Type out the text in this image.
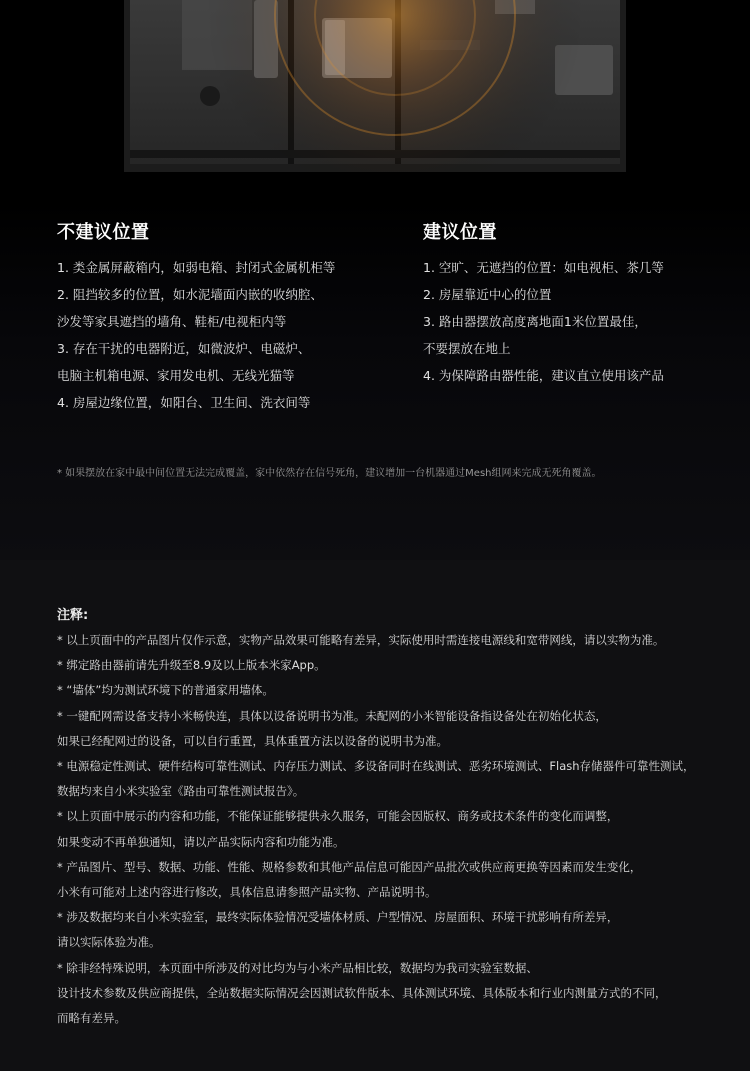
不建议位置
1. 类金属屏蔽箱内，如弱电箱、封闭式金属机柜等
2. 阻挡较多的位置，如水泥墙面内嵌的收纳腔、
沙发等家具遮挡的墙角、鞋柜/电视柜内等
3. 存在干扰的电器附近，如微波炉、电磁炉、
电脑主机箱电源、家用发电机、无线光猫等
4. 房屋边缘位置，如阳台、卫生间、洗衣间等
建议位置
1. 空旷、无遮挡的位置：如电视柜、茶几等
2. 房屋靠近中心的位置
3. 路由器摆放高度离地面1米位置最佳，
不要摆放在地上
4. 为保障路由器性能，建议直立使用该产品
* 如果摆放在家中最中间位置无法完成覆盖，家中依然存在信号死角，建议增加一台机器通过Mesh组网来完成无死角覆盖。
注释:
* 以上页面中的产品图片仅作示意，实物产品效果可能略有差异，实际使用时需连接电源线和宽带网线，请以实物为准。
* 绑定路由器前请先升级至8.9及以上版本米家App。
* “墙体”均为测试环境下的普通家用墙体。
* 一键配网需设备支持小米畅快连，具体以设备说明书为准。未配网的小米智能设备指设备处在初始化状态，
如果已经配网过的设备，可以自行重置，具体重置方法以设备的说明书为准。
* 电源稳定性测试、硬件结构可靠性测试、内存压力测试、多设备同时在线测试、恶劣环境测试、Flash存储器件可靠性测试，
数据均来自小米实验室《路由可靠性测试报告》。
* 以上页面中展示的内容和功能，不能保证能够提供永久服务，可能会因版权、商务或技术条件的变化而调整，
如果变动不再单独通知，请以产品实际内容和功能为准。
* 产品图片、型号、数据、功能、性能、规格参数和其他产品信息可能因产品批次或供应商更换等因素而发生变化，
小米有可能对上述内容进行修改，具体信息请参照产品实物、产品说明书。
* 涉及数据均来自小米实验室，最终实际体验情况受墙体材质、户型情况、房屋面积、环境干扰影响有所差异，
请以实际体验为准。
* 除非经特殊说明，本页面中所涉及的对比均为与小米产品相比较，数据均为我司实验室数据、
设计技术参数及供应商提供，全站数据实际情况会因测试软件版本、具体测试环境、具体版本和行业内测量方式的不同，
而略有差异。
